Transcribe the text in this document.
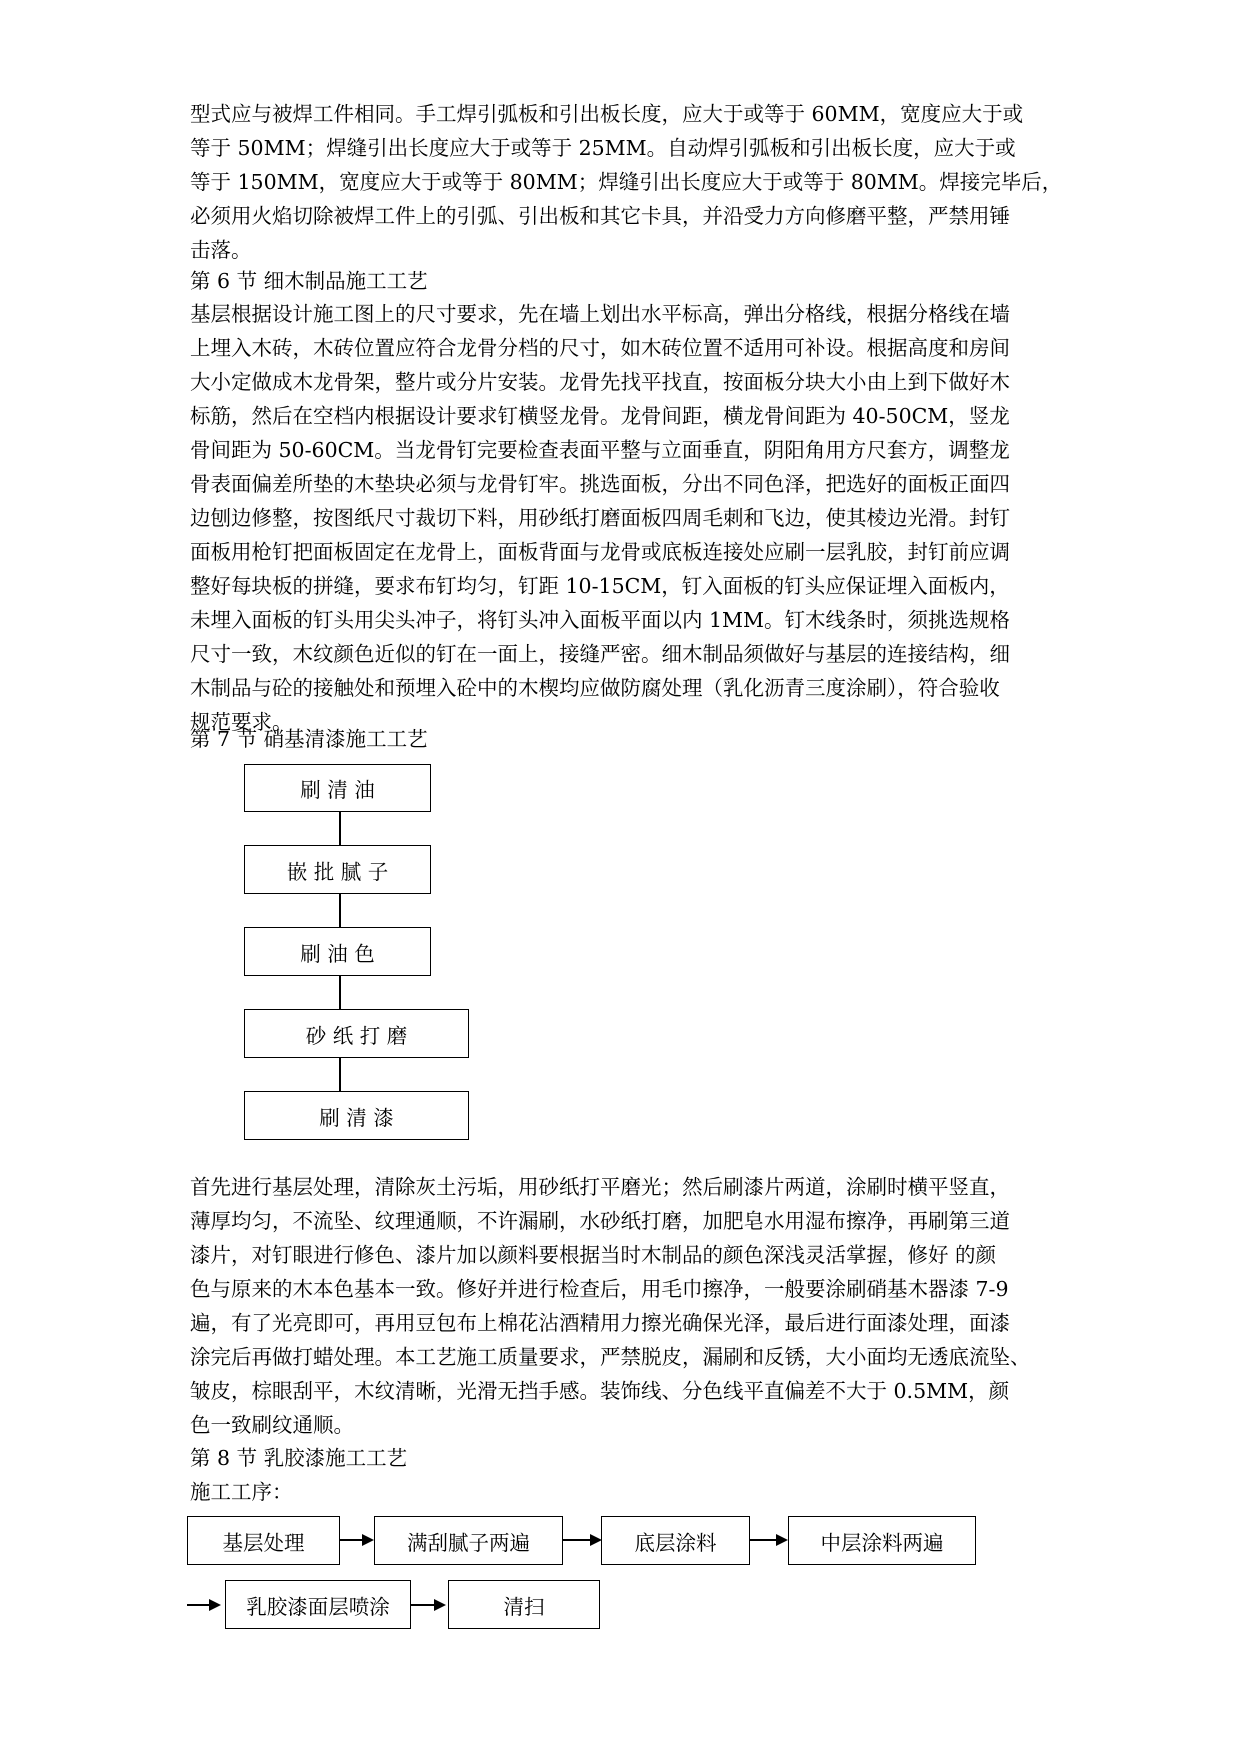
型式应与被焊工件相同。手工焊引弧板和引出板长度，应大于或等于 60MM，宽度应大于或
等于 50MM；焊缝引出长度应大于或等于 25MM。自动焊引弧板和引出板长度，应大于或
等于 150MM，宽度应大于或等于 80MM；焊缝引出长度应大于或等于 80MM。焊接完毕后，
必须用火焰切除被焊工件上的引弧、引出板和其它卡具，并沿受力方向修磨平整，严禁用锤
击落。
第 6 节 细木制品施工工艺
基层根据设计施工图上的尺寸要求，先在墙上划出水平标高，弹出分格线，根据分格线在墙
上埋入木砖，木砖位置应符合龙骨分档的尺寸，如木砖位置不适用可补设。根据高度和房间
大小定做成木龙骨架，整片或分片安装。龙骨先找平找直，按面板分块大小由上到下做好木
标筋，然后在空档内根据设计要求钉横竖龙骨。龙骨间距，横龙骨间距为 40-50CM，竖龙
骨间距为 50-60CM。当龙骨钉完要检查表面平整与立面垂直，阴阳角用方尺套方，调整龙
骨表面偏差所垫的木垫块必须与龙骨钉牢。挑选面板，分出不同色泽，把选好的面板正面四
边刨边修整，按图纸尺寸裁切下料，用砂纸打磨面板四周毛刺和飞边，使其棱边光滑。封钉
面板用枪钉把面板固定在龙骨上，面板背面与龙骨或底板连接处应刷一层乳胶，封钉前应调
整好每块板的拼缝，要求布钉均匀，钉距 10-15CM，钉入面板的钉头应保证埋入面板内，
未埋入面板的钉头用尖头冲子，将钉头冲入面板平面以内 1MM。钉木线条时，须挑选规格
尺寸一致，木纹颜色近似的钉在一面上，接缝严密。细木制品须做好与基层的连接结构，细
木制品与砼的接触处和预埋入砼中的木楔均应做防腐处理（乳化沥青三度涂刷），符合验收
规范要求。
第 7 节 硝基清漆施工工艺
刷 清 油
嵌 批 腻 子
刷 油 色
砂 纸 打 磨
刷 清 漆
首先进行基层处理，清除灰土污垢，用砂纸打平磨光；然后刷漆片两道，涂刷时横平竖直，
薄厚均匀，不流坠、纹理通顺，不许漏刷，水砂纸打磨，加肥皂水用湿布擦净，再刷第三道
漆片，对钉眼进行修色、漆片加以颜料要根据当时木制品的颜色深浅灵活掌握，修好 的颜
色与原来的木本色基本一致。修好并进行检查后，用毛巾擦净，一般要涂刷硝基木器漆 7-9
遍，有了光亮即可，再用豆包布上棉花沾酒精用力擦光确保光泽，最后进行面漆处理，面漆
涂完后再做打蜡处理。本工艺施工质量要求，严禁脱皮，漏刷和反锈，大小面均无透底流坠、
皱皮，棕眼刮平，木纹清晰，光滑无挡手感。装饰线、分色线平直偏差不大于 0.5MM，颜
色一致刷纹通顺。
第 8 节 乳胶漆施工工艺
施工工序：
基层处理	满刮腻子两遍	底层涂料	中层涂料两遍
乳胶漆面层喷涂	清扫
